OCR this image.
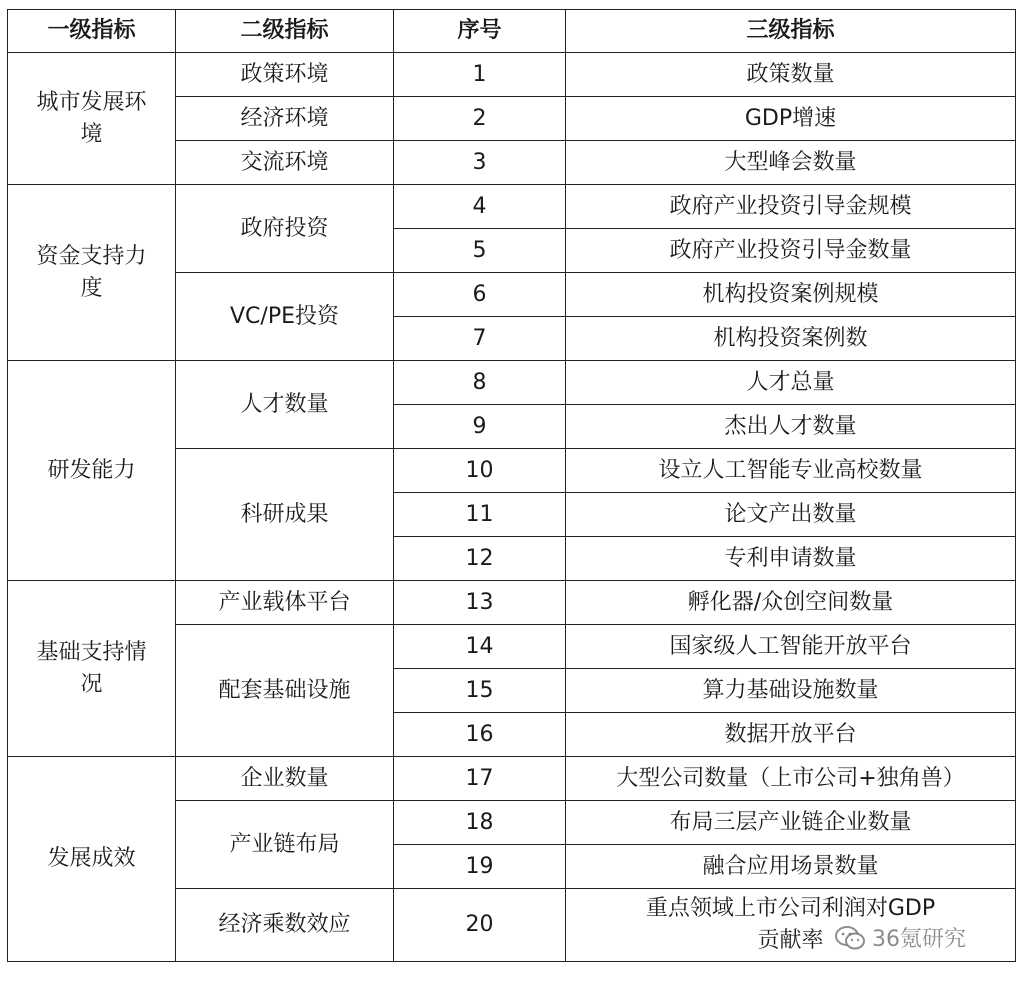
一级指标	二级指标	序号	三级指标
城市发展环境	政策环境	1	政策数量
	经济环境	2	GDP增速
	交流环境	3	大型峰会数量
资金支持力度	政府投资	4	政府产业投资引导金规模
		5	政府产业投资引导金数量
	VC/PE投资	6	机构投资案例规模
		7	机构投资案例数
研发能力	人才数量	8	人才总量
		9	杰出人才数量
	科研成果	10	设立人工智能专业高校数量
		11	论文产出数量
		12	专利申请数量
基础支持情况	产业载体平台	13	孵化器/众创空间数量
	配套基础设施	14	国家级人工智能开放平台
		15	算力基础设施数量
		16	数据开放平台
发展成效	企业数量	17	大型公司数量（上市公司+独角兽）
	产业链布局	18	布局三层产业链企业数量
		19	融合应用场景数量
	经济乘数效应	20	重点领域上市公司利润对GDP贡献率 36氪研究
